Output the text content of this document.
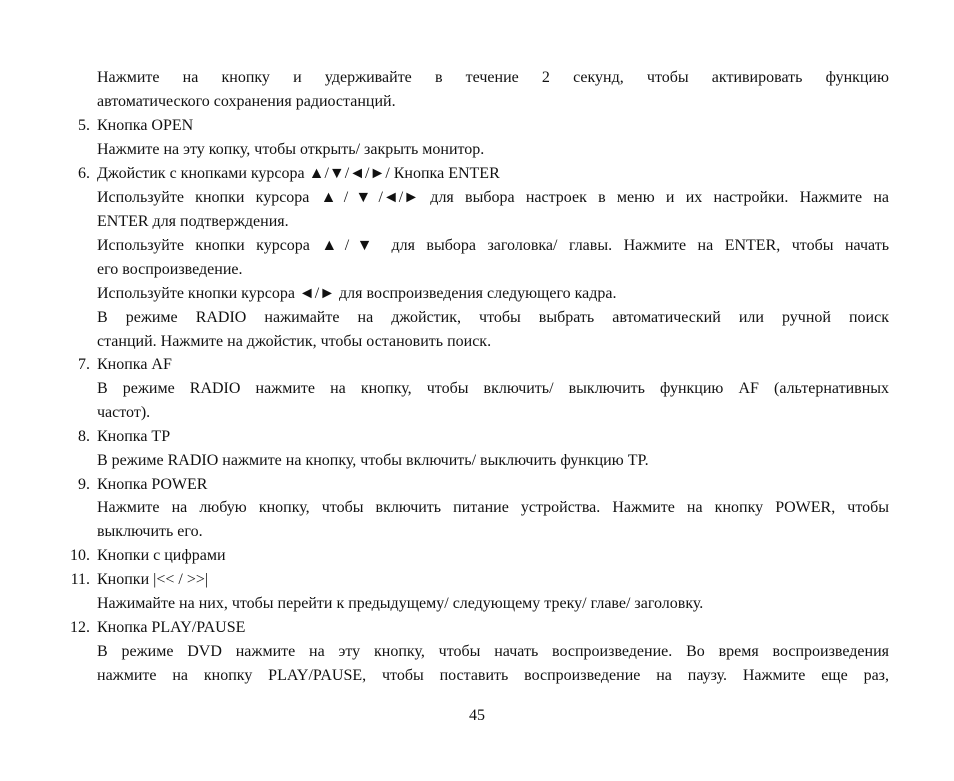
Нажмите на кнопку и удерживайте в течение 2 секунд, чтобы активировать функцию
автоматического сохранения радиостанций.
5. Кнопка OPEN
Нажмите на эту копку, чтобы открыть/ закрыть монитор.
6. Джойстик с кнопками курсора ▲/▼/◄/►/ Кнопка ENTER
Используйте кнопки курсора ▲/▼/◄/► для выбора настроек в меню и их настройки. Нажмите на
ENTER для подтверждения.
Используйте кнопки курсора ▲/▼ для выбора заголовка/ главы. Нажмите на ENTER, чтобы начать
его воспроизведение.
Используйте кнопки курсора ◄/► для воспроизведения следующего кадра.
В режиме RADIO нажимайте на джойстик, чтобы выбрать автоматический или ручной поиск
станций. Нажмите на джойстик, чтобы остановить поиск.
7. Кнопка AF
В режиме RADIO нажмите на кнопку, чтобы включить/ выключить функцию AF (альтернативных
частот).
8. Кнопка TP
В режиме RADIO нажмите на кнопку, чтобы включить/ выключить функцию TP.
9. Кнопка POWER
Нажмите на любую кнопку, чтобы включить питание устройства. Нажмите на кнопку POWER, чтобы
выключить его.
10. Кнопки с цифрами
11. Кнопки |<< / >>|
Нажимайте на них, чтобы перейти к предыдущему/ следующему треку/ главе/ заголовку.
12. Кнопка PLAY/PAUSE
В режиме DVD нажмите на эту кнопку, чтобы начать воспроизведение. Во время воспроизведения
нажмите на кнопку PLAY/PAUSE, чтобы поставить воспроизведение на паузу. Нажмите еще раз,
45
